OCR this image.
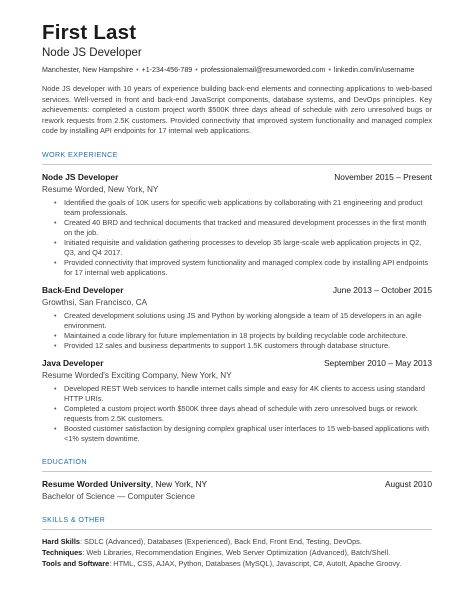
First Last
Node JS Developer
Manchester, New Hampshire • +1-234-456-789 • professionalemail@resumeworded.com • linkedin.com/in/username
Node JS developer with 10 years of experience building back-end elements and connecting applications to web-based services. Well-versed in front and back-end JavaScript components, database systems, and DevOps principles. Key achievements: completed a custom project worth $500K three days ahead of schedule with zero unresolved bugs or rework requests from 2.5K customers. Provided connectivity that improved system functionality and managed complex code by installing API endpoints for 17 internal web applications.
WORK EXPERIENCE
Node JS Developer	November 2015 – Present
Resume Worded, New York, NY
• Identified the goals of 10K users for specific web applications by collaborating with 21 engineering and product team professionals.
• Created 40 BRD and technical documents that tracked and measured development processes in the first month on the job.
• Initiated requisite and validation gathering processes to develop 35 large-scale web application projects in Q2, Q3, and Q4 2017.
• Provided connectivity that improved system functionality and managed complex code by installing API endpoints for 17 internal web applications.
Back-End Developer	June 2013 – October 2015
Growthsi, San Francisco, CA
• Created development solutions using JS and Python by working alongside a team of 15 developers in an agile environment.
• Maintained a code library for future implementation in 18 projects by building recyclable code architecture.
• Provided 12 sales and business departments to support 1.5K customers through database structure.
Java Developer	September 2010 – May 2013
Resume Worded's Exciting Company, New York, NY
• Developed REST Web services to handle internet calls simple and easy for 4K clients to access using standard HTTP URIs.
• Completed a custom project worth $500K three days ahead of schedule with zero unresolved bugs or rework requests from 2.5K customers.
• Boosted customer satisfaction by designing complex graphical user interfaces to 15 web-based applications with <1% system downtime.
EDUCATION
Resume Worded University, New York, NY	August 2010
Bachelor of Science — Computer Science
SKILLS & OTHER
Hard Skills: SDLC (Advanced), Databases (Experienced), Back End, Front End, Testing, DevOps.
Techniques: Web Libraries, Recommendation Engines, Web Server Optimization (Advanced), Batch/Shell.
Tools and Software: HTML, CSS, AJAX, Python, Databases (MySQL), Javascript, C#, AutoIt, Apache Groovy.
